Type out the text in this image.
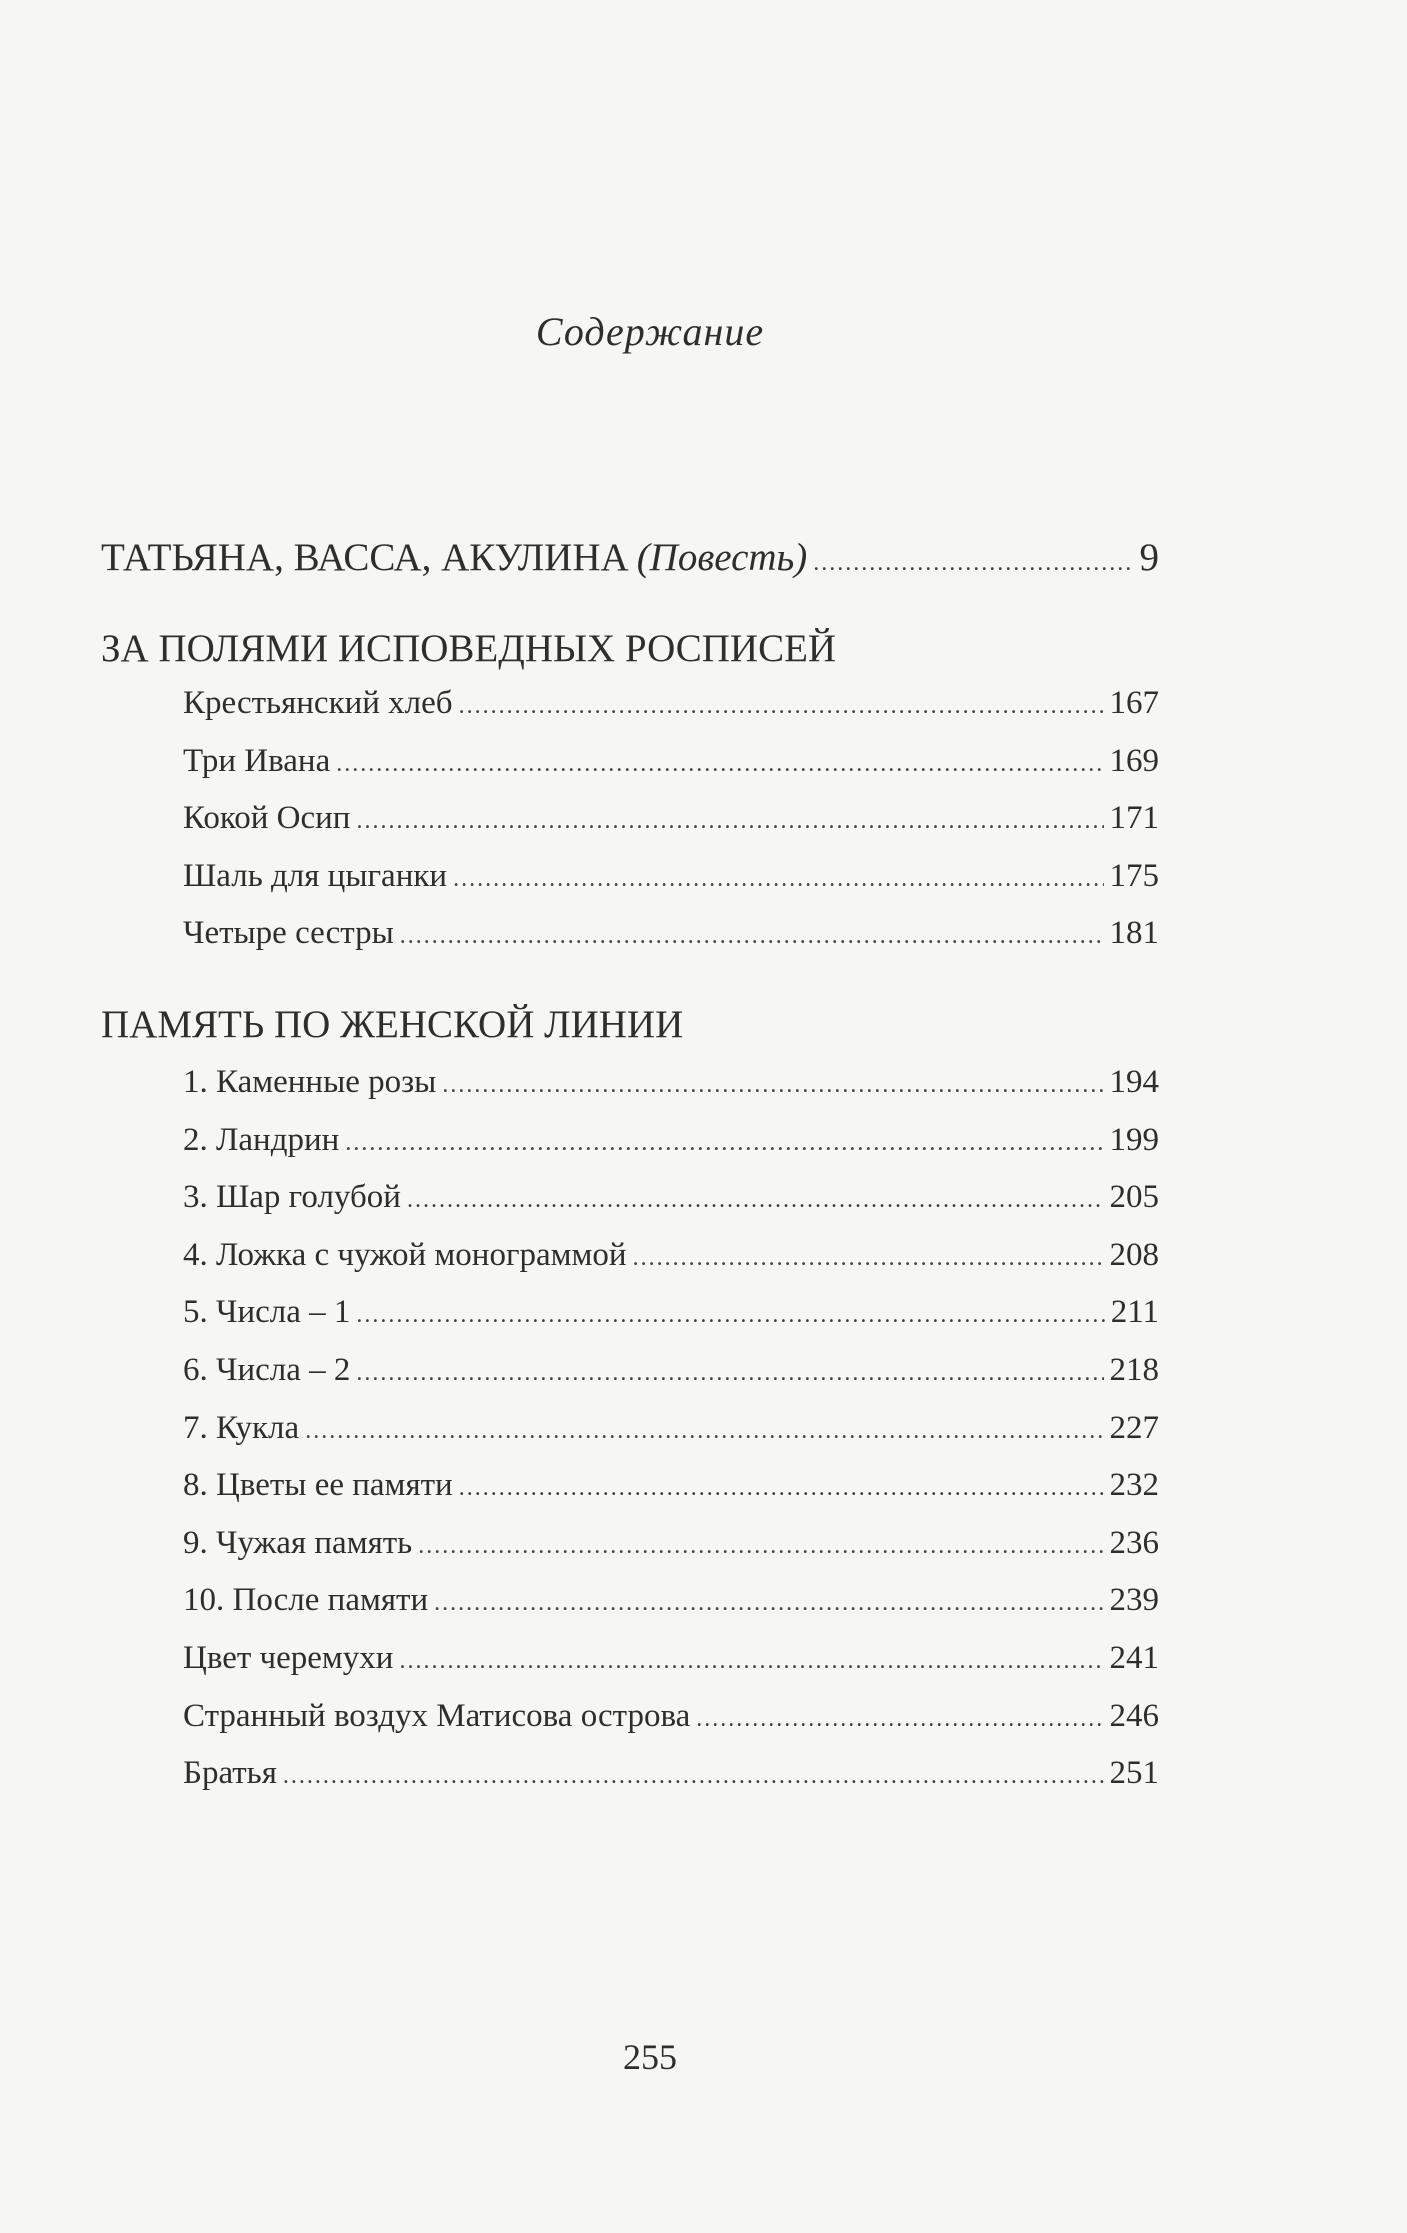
Содержание
ТАТЬЯНА, ВАССА, АКУЛИНА (Повесть) .....	9
ЗА ПОЛЯМИ ИСПОВЕДНЫХ РОСПИСЕЙ
Крестьянский хлеб .....	167
Три Ивана .....	169
Кокой Осип .....	171
Шаль для цыганки .....	175
Четыре сестры .....	181
ПАМЯТЬ ПО ЖЕНСКОЙ ЛИНИИ
1. Каменные розы .....	194
2. Ландрин .....	199
3. Шар голубой .....	205
4. Ложка с чужой монограммой .....	208
5. Числа – 1 .....	211
6. Числа – 2 .....	218
7. Кукла .....	227
8. Цветы ее памяти .....	232
9. Чужая память .....	236
10. После памяти .....	239
Цвет черемухи .....	241
Странный воздух Матисова острова .....	246
Братья .....	251
255
